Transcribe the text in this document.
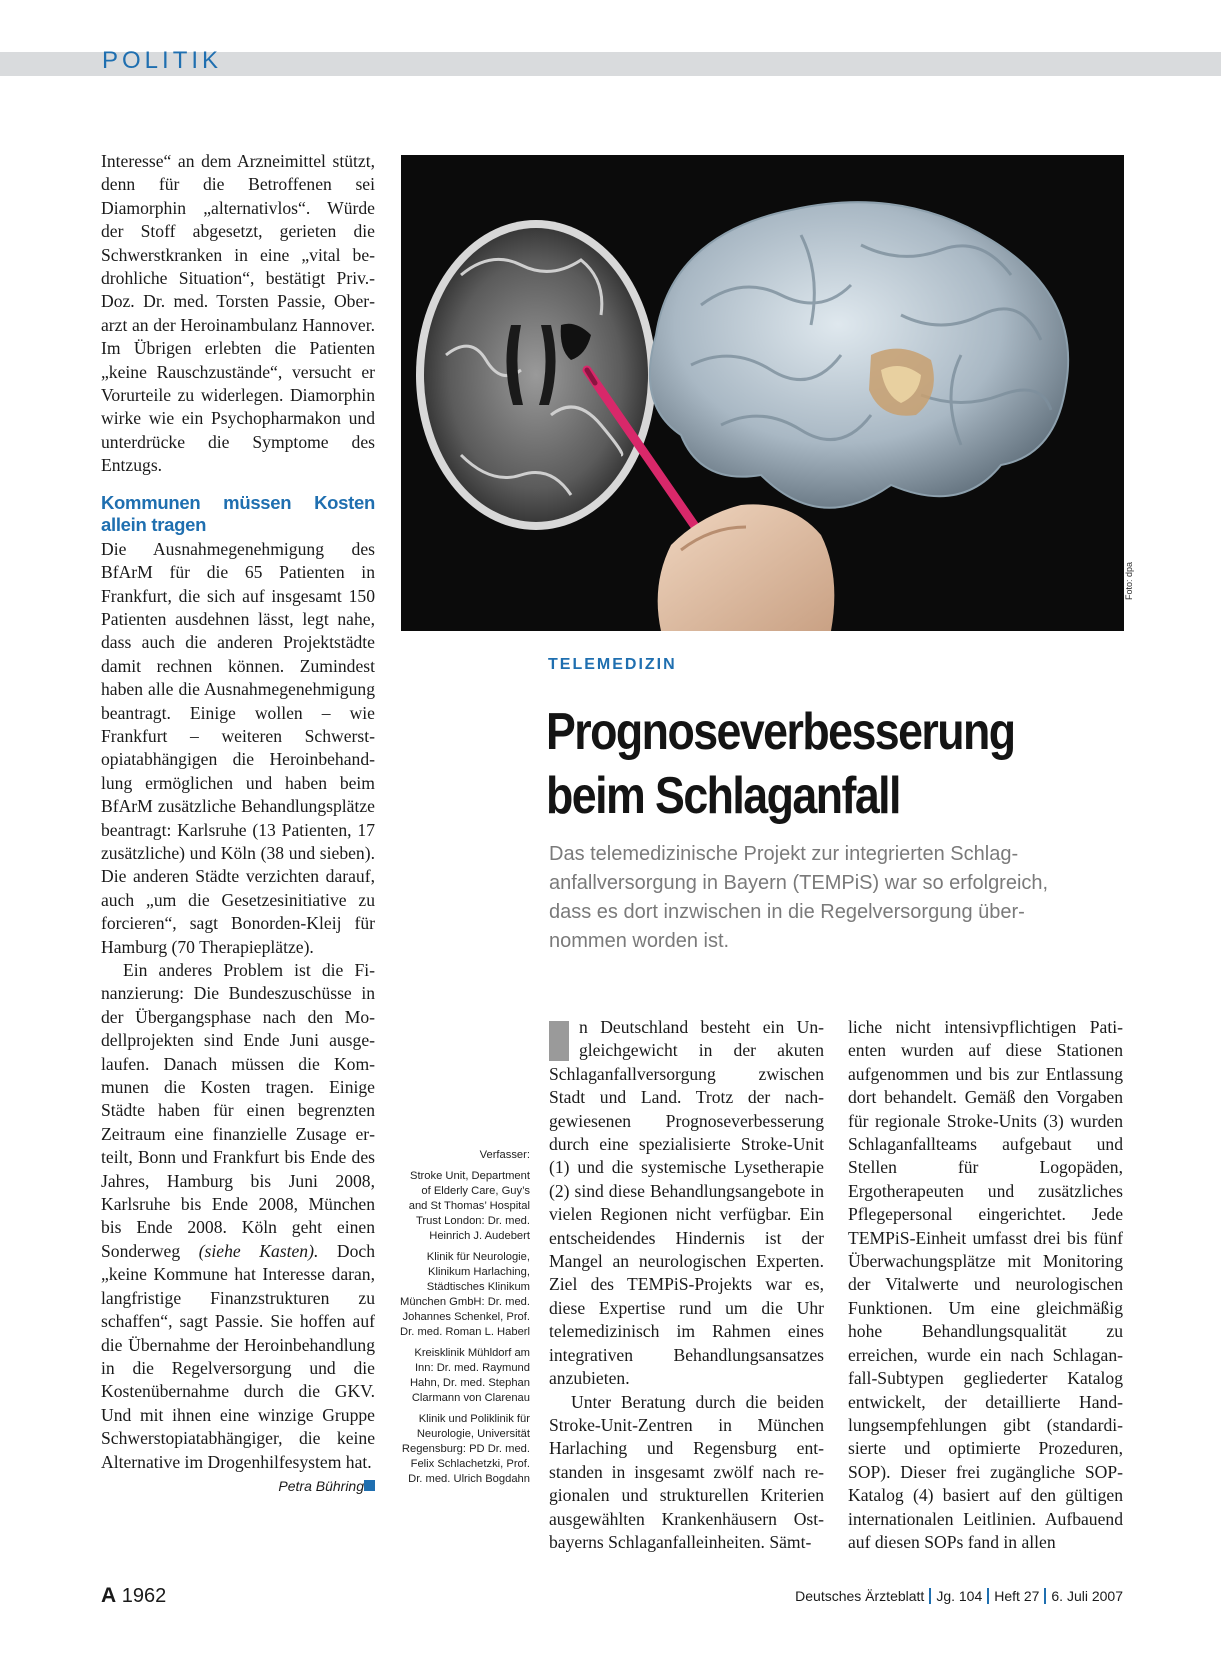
POLITIK

Interesse“ an dem Arzneimittel stützt, denn für die Betroffenen sei Diamorphin „alternativlos“. Würde der Stoff abgesetzt, gerieten die Schwerstkranken in eine „vital bedrohliche Situation“, bestätigt Priv.-Doz. Dr. med. Torsten Passie, Oberarzt an der Heroinambulanz Hannover. Im Übrigen erlebten die Patienten „keine Rauschzustände“, versucht er Vorurteile zu widerlegen. Diamorphin wirke wie ein Psychopharmakon und unterdrücke die Symptome des Entzugs.

Kommunen müssen Kosten allein tragen

Die Ausnahmegenehmigung des BfArM für die 65 Patienten in Frankfurt, die sich auf insgesamt 150 Patienten ausdehnen lässt, legt nahe, dass auch die anderen Projektstädte damit rechnen können. Zumindest haben alle die Ausnahmegenehmigung beantragt. Einige wollen – wie Frankfurt – weiteren Schwerstopiatabhängigen die Heroinbehandlung ermöglichen und haben beim BfArM zusätzliche Behandlungsplätze beantragt: Karlsruhe (13 Patienten, 17 zusätzliche) und Köln (38 und sieben). Die anderen Städte verzichten darauf, auch „um die Gesetzesinitiative zu forcieren“, sagt Bonorden-Kleij für Hamburg (70 Therapieplätze).

Ein anderes Problem ist die Finanzierung: Die Bundeszuschüsse in der Übergangsphase nach den Modellprojekten sind Ende Juni ausgelaufen. Danach müssen die Kommunen die Kosten tragen. Einige Städte haben für einen begrenzten Zeitraum eine finanzielle Zusage erteilt, Bonn und Frankfurt bis Ende des Jahres, Hamburg bis Juni 2008, Karlsruhe bis Ende 2008, München bis Ende 2008. Köln geht einen Sonderweg (siehe Kasten). Doch „keine Kommune hat Interesse daran, langfristige Finanzstrukturen zu schaffen“, sagt Passie. Sie hoffen auf die Übernahme der Heroinbehandlung in die Regelversorgung und die Kostenübernahme durch die GKV. Und mit ihnen eine winzige Gruppe Schwerstopiatabhängiger, die keine Alternative im Drogenhilfesystem hat.

Petra Bühring
Foto: dpa
TELEMEDIZIN
Prognoseverbesserung
beim Schlaganfall
Das telemedizinische Projekt zur integrierten Schlag-
anfallversorgung in Bayern (TEMPiS) war so erfolgreich,
dass es dort inzwischen in die Regelversorgung über-
nommen worden ist.

Verfasser:

Stroke Unit, Department of Elderly Care, Guy’s and St Thomas’ Hospital Trust London: Dr. med. Heinrich J. Audebert

Klinik für Neurologie, Klinikum Harlaching, Städtisches Klinikum München GmbH: Dr. med. Johannes Schenkel, Prof. Dr. med. Roman L. Haberl

Kreisklinik Mühldorf am Inn: Dr. med. Raymund Hahn, Dr. med. Stephan Clarmann von Clarenau

Klinik und Poliklinik für Neurologie, Universität Regensburg: PD Dr. med. Felix Schlachetzki, Prof. Dr. med. Ulrich Bogdahn

n Deutschland besteht ein Ungleichgewicht in der akuten Schlaganfallversorgung zwischen Stadt und Land. Trotz der nachgewiesenen Prognoseverbesserung durch eine spezialisierte Stroke-Unit (1) und die systemische Lysetherapie (2) sind diese Behandlungsangebote in vielen Regionen nicht verfügbar. Ein entscheidendes Hindernis ist der Mangel an neurologischen Experten. Ziel des TEMPiS-Projekts war es, diese Expertise rund um die Uhr telemedizinisch im Rahmen eines integrativen Behandlungsansatzes anzubieten.

Unter Beratung durch die beiden Stroke-Unit-Zentren in München Harlaching und Regensburg entstanden in insgesamt zwölf nach regionalen und strukturellen Kriterien ausgewählten Krankenhäusern Ostbayerns Schlaganfalleinheiten. Sämt-

liche nicht intensivpflichtigen Patienten wurden auf diese Stationen aufgenommen und bis zur Entlassung dort behandelt. Gemäß den Vorgaben für regionale Stroke-Units (3) wurden Schlaganfallteams aufgebaut und Stellen für Logopäden, Ergotherapeuten und zusätzliches Pflegepersonal eingerichtet. Jede TEMPiS-Einheit umfasst drei bis fünf Überwachungsplätze mit Monitoring der Vitalwerte und neurologischen Funktionen. Um eine gleichmäßig hohe Behandlungsqualität zu erreichen, wurde ein nach Schlaganfall-Subtypen gegliederter Katalog entwickelt, der detaillierte Handlungsempfehlungen gibt (standardisierte und optimierte Prozeduren, SOP). Dieser frei zugängliche SOP-Katalog (4) basiert auf den gültigen internationalen Leitlinien. Aufbauend auf diesen SOPs fand in allen

A 1962	Deutsches Ärzteblatt Jg. 104 Heft 27 6. Juli 2007
